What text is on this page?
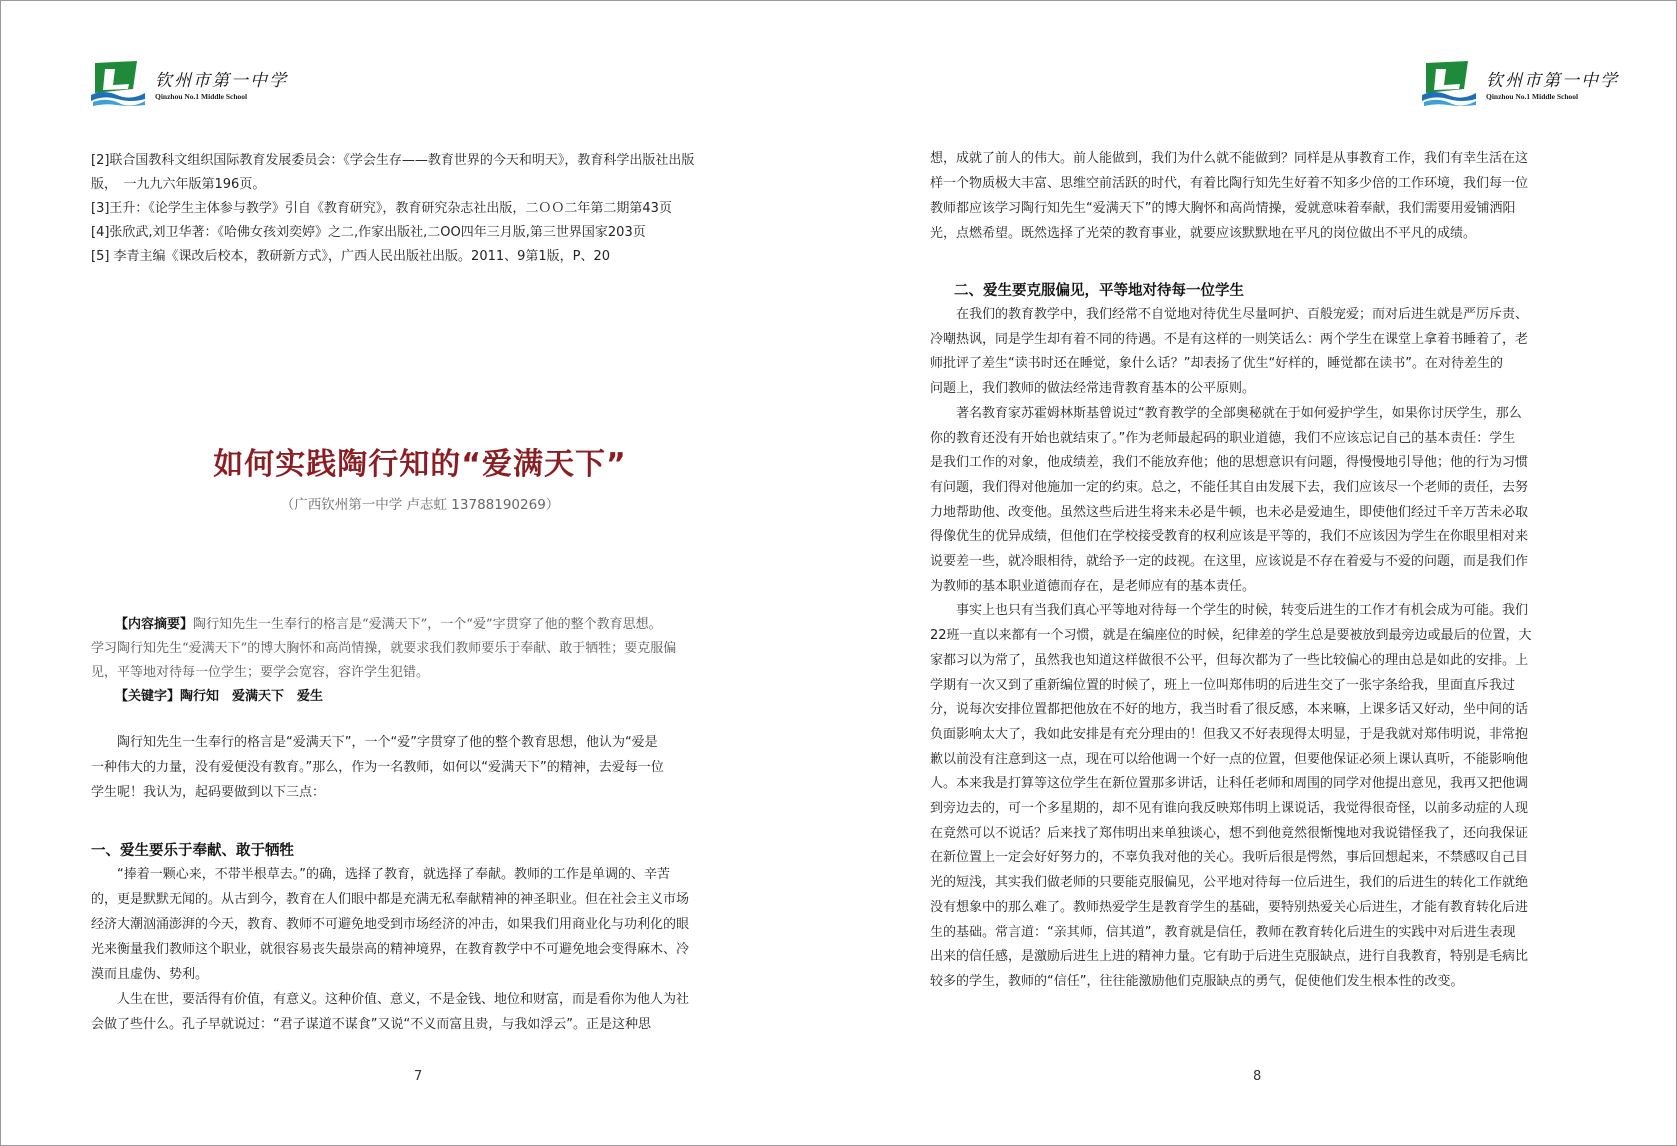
钦州市第一中学
Qinzhou No.1 Middle School
[2]联合国教科文组织国际教育发展委员会：《学会生存——教育世界的今天和明天》，教育科学出版社出版
版，　一九九六年版第196页。
[3]王升：《论学生主体参与教学》引自《教育研究》，教育研究杂志社出版，二ＯＯ二年第二期第43页
[4]张欣武,刘卫华著：《哈佛女孩刘奕婷》之二,作家出版社,二OO四年三月版,第三世界国家203页
[5] 李青主编《课改后校本，教研新方式》，广西人民出版社出版。2011、9第1版，P、20
如何实践陶行知的“爱满天下”
（广西钦州第一中学 卢志虹 13788190269）
【内容摘要】陶行知先生一生奉行的格言是“爱满天下”，一个“爱”字贯穿了他的整个教育思想。
学习陶行知先生“爱满天下”的博大胸怀和高尚情操，就要求我们教师要乐于奉献、敢于牺牲；要克服偏
见，平等地对待每一位学生；要学会宽容，容许学生犯错。
【关键字】陶行知　爱满天下　爱生
陶行知先生一生奉行的格言是“爱满天下”，一个“爱”字贯穿了他的整个教育思想，他认为“爱是
一种伟大的力量，没有爱便没有教育。”那么，作为一名教师，如何以“爱满天下”的精神，去爱每一位
学生呢！我认为，起码要做到以下三点：
一、爱生要乐于奉献、敢于牺牲
“捧着一颗心来，不带半根草去。”的确，选择了教育，就选择了奉献。教师的工作是单调的、辛苦
的，更是默默无闻的。从古到今，教育在人们眼中都是充满无私奉献精神的神圣职业。但在社会主义市场
经济大潮汹涌澎湃的今天，教育、教师不可避免地受到市场经济的冲击，如果我们用商业化与功利化的眼
光来衡量我们教师这个职业，就很容易丧失最崇高的精神境界，在教育教学中不可避免地会变得麻木、冷
漠而且虚伪、势利。
人生在世，要活得有价值，有意义。这种价值、意义，不是金钱、地位和财富，而是看你为他人为社
会做了些什么。孔子早就说过：“君子谋道不谋食”又说“不义而富且贵，与我如浮云”。正是这种思
7
钦州市第一中学
Qinzhou No.1 Middle School
想，成就了前人的伟大。前人能做到，我们为什么就不能做到？同样是从事教育工作，我们有幸生活在这
样一个物质极大丰富、思维空前活跃的时代，有着比陶行知先生好着不知多少倍的工作环境，我们每一位
教师都应该学习陶行知先生“爱满天下”的博大胸怀和高尚情操，爱就意味着奉献，我们需要用爱铺洒阳
光，点燃希望。既然选择了光荣的教育事业，就要应该默默地在平凡的岗位做出不平凡的成绩。
二、爱生要克服偏见，平等地对待每一位学生
在我们的教育教学中，我们经常不自觉地对待优生尽量呵护、百般宠爱；而对后进生就是严厉斥责、
冷嘲热讽，同是学生却有着不同的待遇。不是有这样的一则笑话么：两个学生在课堂上拿着书睡着了，老
师批评了差生“读书时还在睡觉，象什么话？”却表扬了优生“好样的，睡觉都在读书”。在对待差生的
问题上，我们教师的做法经常违背教育基本的公平原则。
著名教育家苏霍姆林斯基曾说过“教育教学的全部奥秘就在于如何爱护学生，如果你讨厌学生，那么
你的教育还没有开始也就结束了。”作为老师最起码的职业道德，我们不应该忘记自己的基本责任：学生
是我们工作的对象，他成绩差，我们不能放弃他；他的思想意识有问题，得慢慢地引导他；他的行为习惯
有问题，我们得对他施加一定的约束。总之，不能任其自由发展下去，我们应该尽一个老师的责任，去努
力地帮助他、改变他。虽然这些后进生将来未必是牛顿，也未必是爱迪生，即使他们经过千辛万苦未必取
得像优生的优异成绩，但他们在学校接受教育的权利应该是平等的，我们不应该因为学生在你眼里相对来
说要差一些，就冷眼相待，就给予一定的歧视。在这里，应该说是不存在着爱与不爱的问题，而是我们作
为教师的基本职业道德而存在，是老师应有的基本责任。
事实上也只有当我们真心平等地对待每一个学生的时候，转变后进生的工作才有机会成为可能。我们
22班一直以来都有一个习惯，就是在编座位的时候，纪律差的学生总是要被放到最旁边或最后的位置，大
家都习以为常了，虽然我也知道这样做很不公平，但每次都为了一些比较偏心的理由总是如此的安排。上
学期有一次又到了重新编位置的时候了，班上一位叫郑伟明的后进生交了一张字条给我，里面直斥我过
分，说每次安排位置都把他放在不好的地方，我当时看了很反感，本来嘛，上课多话又好动，坐中间的话
负面影响太大了，我如此安排是有充分理由的！但我又不好表现得太明显，于是我就对郑伟明说，非常抱
歉以前没有注意到这一点，现在可以给他调一个好一点的位置，但要他保证必须上课认真听，不能影响他
人。本来我是打算等这位学生在新位置那多讲话，让科任老师和周围的同学对他提出意见，我再又把他调
到旁边去的，可一个多星期的，却不见有谁向我反映郑伟明上课说话，我觉得很奇怪，以前多动症的人现
在竟然可以不说话？后来找了郑伟明出来单独谈心，想不到他竟然很惭愧地对我说错怪我了，还向我保证
在新位置上一定会好好努力的，不辜负我对他的关心。我听后很是愕然，事后回想起来，不禁感叹自己目
光的短浅，其实我们做老师的只要能克服偏见，公平地对待每一位后进生，我们的后进生的转化工作就绝
没有想象中的那么难了。教师热爱学生是教育学生的基础，要特别热爱关心后进生，才能有教育转化后进
生的基础。常言道：“亲其师，信其道”，教育就是信任，教师在教育转化后进生的实践中对后进生表现
出来的信任感，是激励后进生上进的精神力量。它有助于后进生克服缺点，进行自我教育，特别是毛病比
较多的学生，教师的“信任”，往往能激励他们克服缺点的勇气，促使他们发生根本性的改变。
8
